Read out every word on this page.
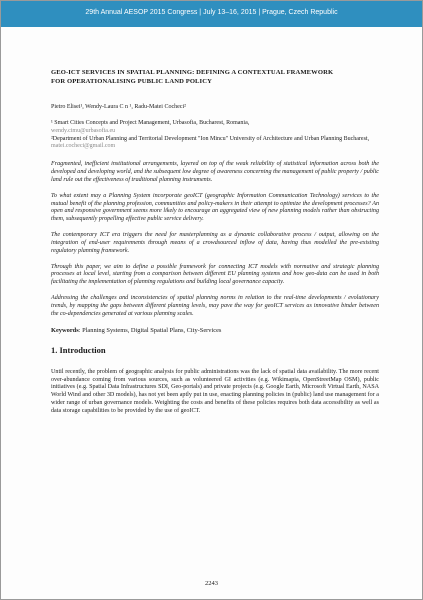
29th Annual AESOP 2015 Congress | July 13–16, 2015 | Prague, Czech Republic
GEO-ICT SERVICES IN SPATIAL PLANNING: DEFINING A CONTEXTUAL FRAMEWORK
FOR OPERATIONALISING PUBLIC LAND POLICY
Pietro Elisei¹, Wendy-Laura C n ¹, Radu-Matei Cocheci²
¹ Smart Cities Concepts and Project Management, Urbasofia, Bucharest, Romania,
wendy.cimu@urbasofia.eu
²Department of Urban Planning and Territorial Development "Ion Mincu" University of Architecture and Urban Planning Bucharest, matei.cocheci@gmail.com

Fragmented, inefficient institutional arrangements, layered on top of the weak reliability of statistical information across both the developed and developing world, and the subsequent low degree of awareness concerning the management of public property / public land rule out the effectiveness of traditional planning instruments.

To what extent may a Planning System incorporate geoICT (geographic Information Communication Technology) services to the mutual benefit of the planning profession, communities and policy-makers in their attempt to optimize the development processes? An open and responsive government seems more likely to encourage an aggregated view of new planning models rather than obstructing them, subsequently propelling effective public service delivery.

The contemporary ICT era triggers the need for masterplanning as a dynamic collaborative process / output, allowing on the integration of end-user requirements through means of a crowdsourced inflow of data, having thus modelled the pre-existing regulatory planning framework.

Through this paper, we aim to define a possible framework for connecting ICT models with normative and strategic planning processes at local level, starting from a comparison between different EU planning systems and how geo-data can be used in both facilitating the implementation of planning regulations and building local governance capacity.

Addressing the challenges and inconsistencies of spatial planning norms in relation to the real-time developments / evolutionary trends, by mapping the gaps between different planning levels, may pave the way for geoICT services as innovative binder between the co-dependencies generated at various planning scales.

Keywords: Planning Systems, Digital Spatial Plans, City-Services
1. Introduction
Until recently, the problem of geographic analysis for public administrations was the lack of spatial data availability. The more recent over-abundance coming from various sources, such as volunteered GI activities (e.g. Wikimapia, OpenStreetMap OSM), public initiatives (e.g. Spatial Data Infrastructures SDI, Geo-portals) and private projects (e.g. Google Earth, Microsoft Virtual Earth, NASA World Wind and other 3D models), has not yet been aptly put in use, enacting planning policies in (public) land use management for a wider range of urban governance models. Weighting the costs and benefits of these policies requires both data accessibility as well as data storage capabilities to be provided by the use of geoICT.
2243
